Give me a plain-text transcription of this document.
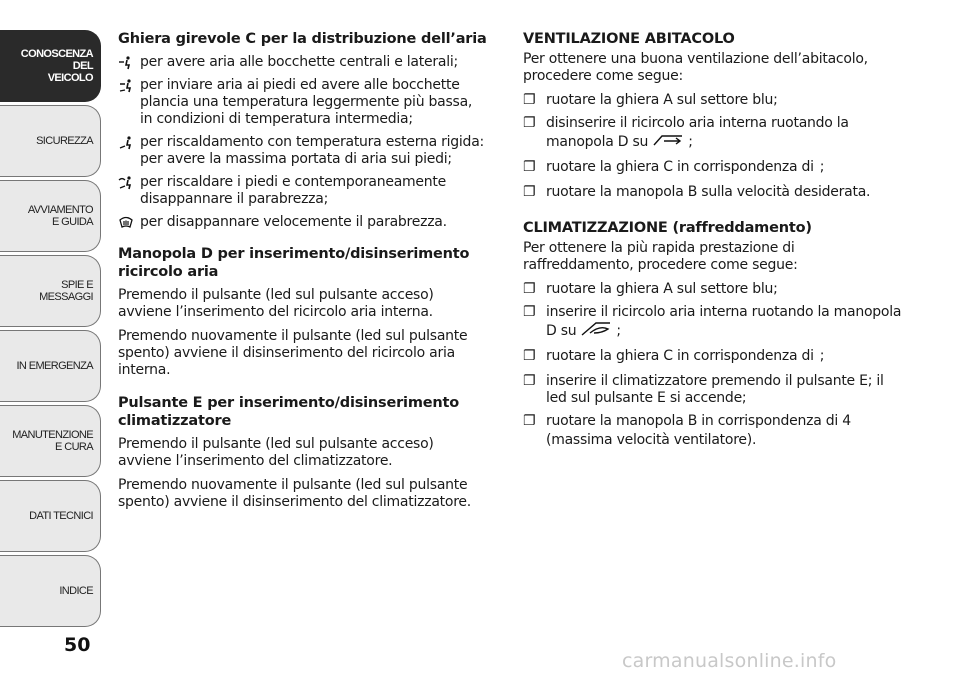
CONOSCENZA
DEL
VEICOLO
SICUREZZA
AVVIAMENTO
E GUIDA
SPIE E
MESSAGGI
IN EMERGENZA
MANUTENZIONE
E CURA
DATI TECNICI
INDICE
50
Ghiera girevole C per la distribuzione dell’aria
per avere aria alle bocchette centrali e laterali;
per inviare aria ai piedi ed avere alle bocchette plancia una temperatura leggermente più bassa, in condizioni di temperatura intermedia;
per riscaldamento con temperatura esterna rigida: per avere la massima portata di aria sui piedi;
per riscaldare i piedi e contemporaneamente disappannare il parabrezza;
per disappannare velocemente il parabrezza.
Manopola D per inserimento/disinserimento ricircolo aria

Premendo il pulsante (led sul pulsante acceso) avviene l’inserimento del ricircolo aria interna.

Premendo nuovamente il pulsante (led sul pulsante spento) avviene il disinserimento del ricircolo aria interna.

Pulsante E per inserimento/disinserimento climatizzatore

Premendo il pulsante (led sul pulsante acceso) avviene l’inserimento del climatizzatore.

Premendo nuovamente il pulsante (led sul pulsante spento) avviene il disinserimento del climatizzatore.

VENTILAZIONE ABITACOLO

Per ottenere una buona ventilazione dell’abitacolo, procedere come segue:

❐ ruotare la ghiera A sul settore blu;
❐ disinserire il ricircolo aria interna ruotando la manopola D su	;
❐ ruotare la ghiera C in corrispondenza di ;
❐ ruotare la manopola B sulla velocità desiderata.
CLIMATIZZAZIONE (raffreddamento)

Per ottenere la più rapida prestazione di raffreddamento, procedere come segue:

❐ ruotare la ghiera A sul settore blu;
❐ inserire il ricircolo aria interna ruotando la manopola D su	;
❐ ruotare la ghiera C in corrispondenza di ;
❐ inserire il climatizzatore premendo il pulsante E; il led sul pulsante E si accende;
❐ ruotare la manopola B in corrispondenza di 4
(massima velocità ventilatore).
carmanualsonline.info
